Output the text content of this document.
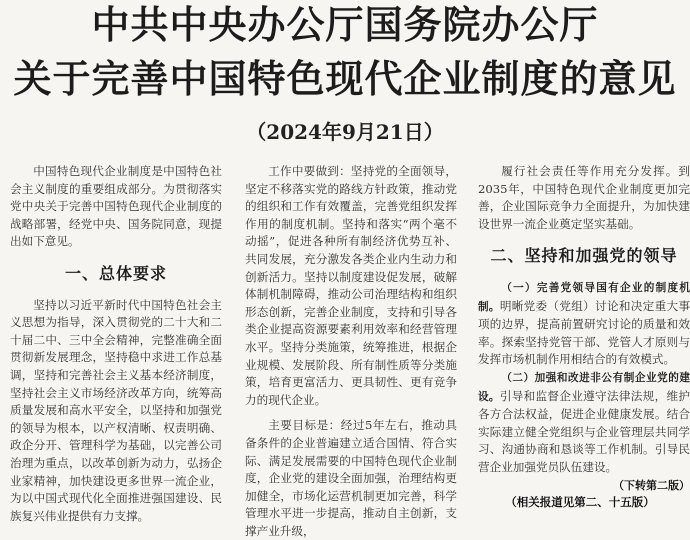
中共中央办公厅国务院办公厅
关于完善中国特色现代企业制度的意见
（2024年9月21日）

中国特色现代企业制度是中国特色社会主义制度的重要组成部分。为贯彻落实党中央关于完善中国特色现代企业制度的战略部署，经党中央、国务院同意，现提出如下意见。

一、总体要求

坚持以习近平新时代中国特色社会主义思想为指导，深入贯彻党的二十大和二十届二中、三中全会精神，完整准确全面贯彻新发展理念，坚持稳中求进工作总基调，坚持和完善社会主义基本经济制度，坚持社会主义市场经济改革方向，统筹高质量发展和高水平安全，以坚持和加强党的领导为根本，以产权清晰、权责明确、政企分开、管理科学为基础，以完善公司治理为重点，以改革创新为动力，弘扬企业家精神，加快建设更多世界一流企业，为以中国式现代化全面推进强国建设、民族复兴伟业提供有力支撑。

工作中要做到：坚持党的全面领导，坚定不移落实党的路线方针政策，推动党的组织和工作有效覆盖，完善党组织发挥作用的制度机制。坚持和落实“两个毫不动摇”，促进各种所有制经济优势互补、共同发展，充分激发各类企业内生动力和创新活力。坚持以制度建设促发展，破解体制机制障碍，推动公司治理结构和组织形态创新，完善企业制度，支持和引导各类企业提高资源要素利用效率和经营管理水平。坚持分类施策，统筹推进，根据企业规模、发展阶段、所有制性质等分类施策，培育更富活力、更具韧性、更有竞争力的现代企业。

主要目标是：经过5年左右，推动具备条件的企业普遍建立适合国情、符合实际、满足发展需要的中国特色现代企业制度，企业党的建设全面加强，治理结构更加健全，市场化运营机制更加完善，科学管理水平进一步提高，推动自主创新，支撑产业升级，

履行社会责任等作用充分发挥。到2035年，中国特色现代企业制度更加完善，企业国际竞争力全面提升，为加快建设世界一流企业奠定坚实基础。

二、坚持和加强党的领导

（一）完善党领导国有企业的制度机制。明晰党委（党组）讨论和决定重大事项的边界，提高前置研究讨论的质量和效率。探索坚持党管干部、党管人才原则与发挥市场机制作用相结合的有效模式。

（二）加强和改进非公有制企业党的建设。引导和监督企业遵守法律法规，维护各方合法权益，促进企业健康发展。结合实际建立健全党组织与企业管理层共同学习、沟通协商和恳谈等工作机制。引导民营企业加强党员队伍建设。

（下转第二版）

（相关报道见第二、十五版）
